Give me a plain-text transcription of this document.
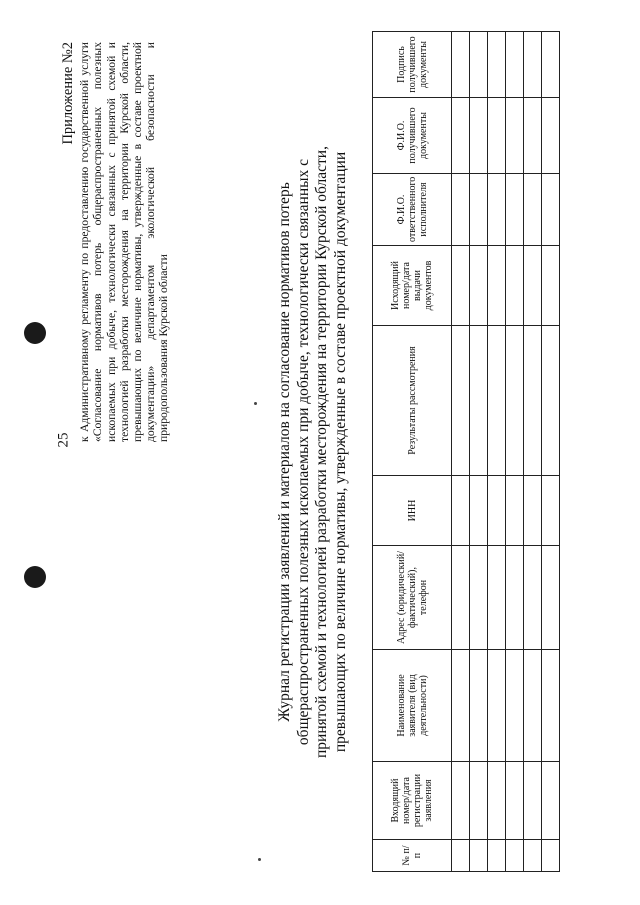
25
Приложение №2 к Административному регламенту по предоставлению государственной услуги «Согласование нормативов потерь общераспространенных полезных ископаемых при добыче, технологически связанных с принятой схемой и технологией разработки месторождения на территории Курской области, превышающих по величине нормативы, утвержденные в составе проектной документации» департаментом экологической безопасности и природопользования Курской области	Журнал регистрации заявлений и материалов на согласование нормативов потерь общераспространенных полезных ископаемых при добыче, технологически связанных с принятой схемой и технологией разработки месторождения на территории Курской области, превышающих по величине нормативы, утвержденные в составе проектной документации

№ п/п	Входящий номер/дата регистрации заявления	Наименование заявителя (вид деятельности)	Адрес (юридический/ фактический), телефон	ИНН	Результаты рассмотрения	Исходящий номер/дата выдачи документов	Ф.И.О. ответственного исполнителя	Ф.И.О. получившего документы	Подпись получившего документы
